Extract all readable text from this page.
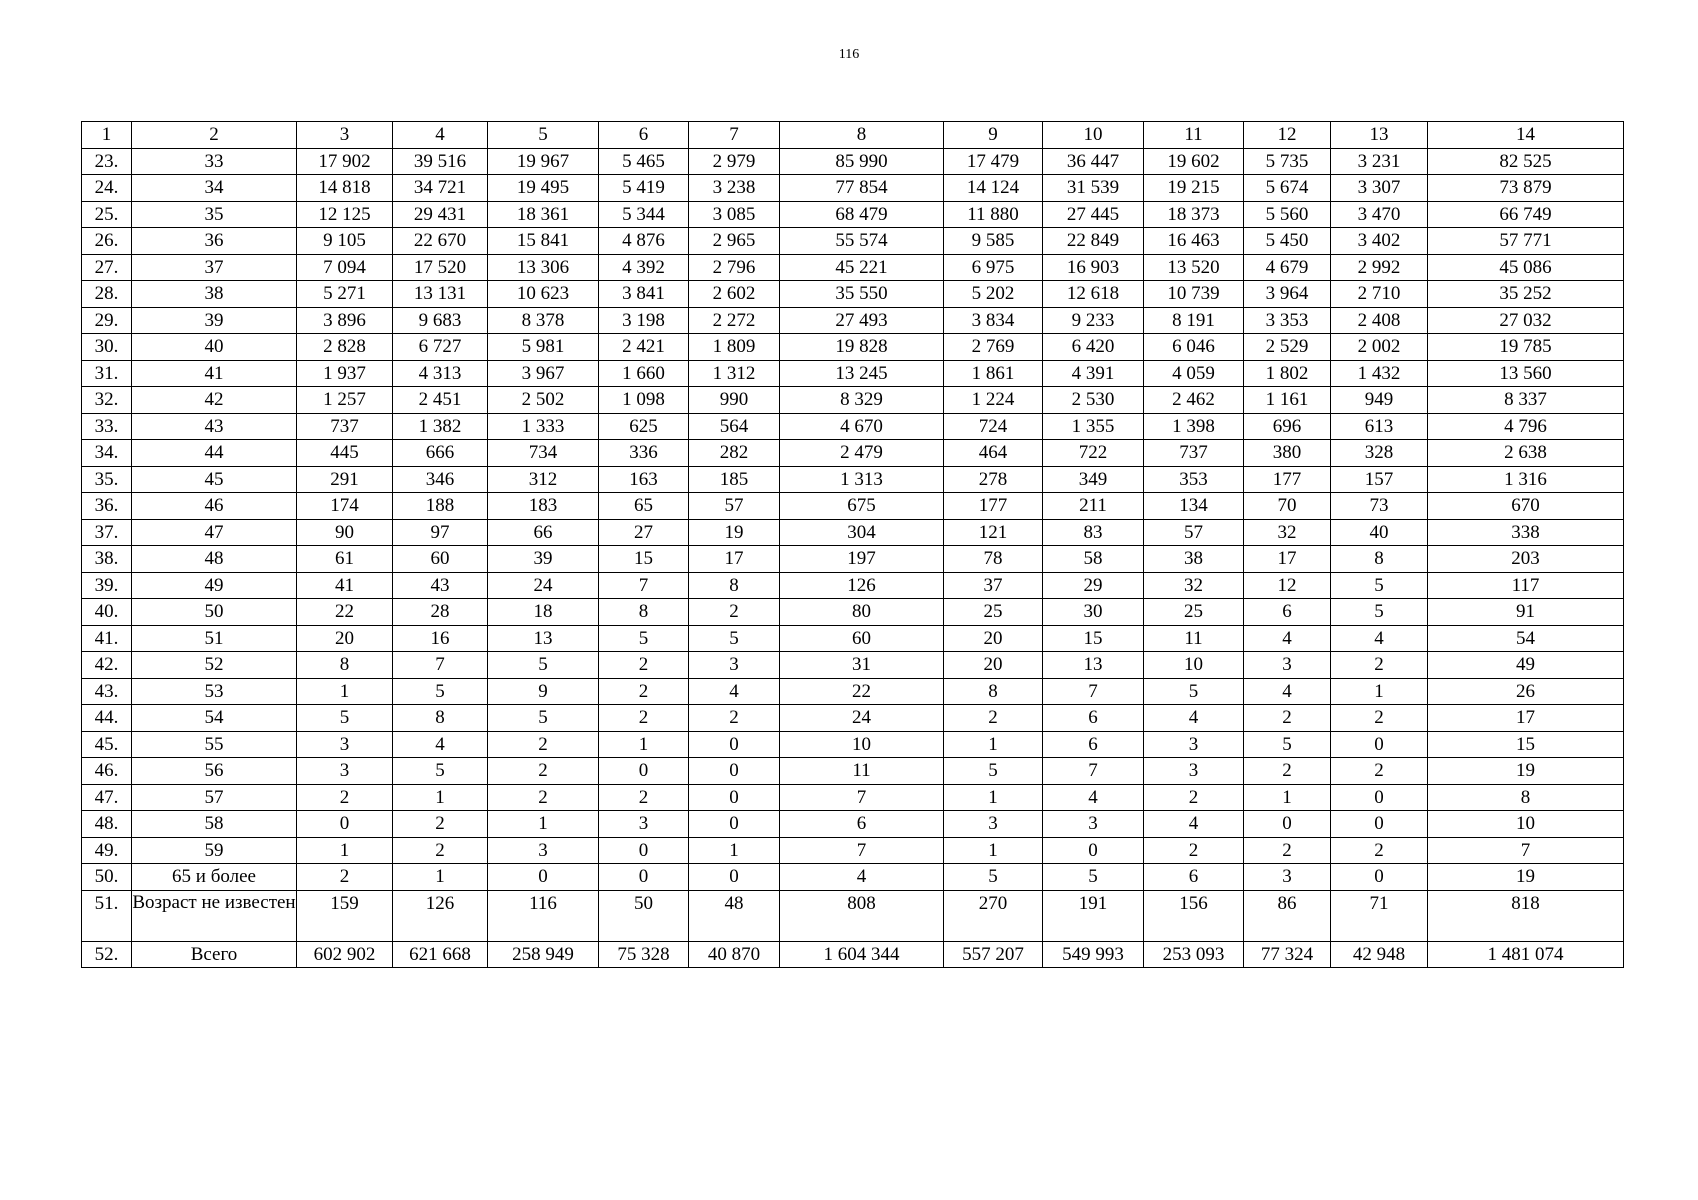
116
1	2	3	4	5	6	7	8	9	10	11	12	13	14
23.	33	17 902	39 516	19 967	5 465	2 979	85 990	17 479	36 447	19 602	5 735	3 231	82 525
24.	34	14 818	34 721	19 495	5 419	3 238	77 854	14 124	31 539	19 215	5 674	3 307	73 879
25.	35	12 125	29 431	18 361	5 344	3 085	68 479	11 880	27 445	18 373	5 560	3 470	66 749
26.	36	9 105	22 670	15 841	4 876	2 965	55 574	9 585	22 849	16 463	5 450	3 402	57 771
27.	37	7 094	17 520	13 306	4 392	2 796	45 221	6 975	16 903	13 520	4 679	2 992	45 086
28.	38	5 271	13 131	10 623	3 841	2 602	35 550	5 202	12 618	10 739	3 964	2 710	35 252
29.	39	3 896	9 683	8 378	3 198	2 272	27 493	3 834	9 233	8 191	3 353	2 408	27 032
30.	40	2 828	6 727	5 981	2 421	1 809	19 828	2 769	6 420	6 046	2 529	2 002	19 785
31.	41	1 937	4 313	3 967	1 660	1 312	13 245	1 861	4 391	4 059	1 802	1 432	13 560
32.	42	1 257	2 451	2 502	1 098	990	8 329	1 224	2 530	2 462	1 161	949	8 337
33.	43	737	1 382	1 333	625	564	4 670	724	1 355	1 398	696	613	4 796
34.	44	445	666	734	336	282	2 479	464	722	737	380	328	2 638
35.	45	291	346	312	163	185	1 313	278	349	353	177	157	1 316
36.	46	174	188	183	65	57	675	177	211	134	70	73	670
37.	47	90	97	66	27	19	304	121	83	57	32	40	338
38.	48	61	60	39	15	17	197	78	58	38	17	8	203
39.	49	41	43	24	7	8	126	37	29	32	12	5	117
40.	50	22	28	18	8	2	80	25	30	25	6	5	91
41.	51	20	16	13	5	5	60	20	15	11	4	4	54
42.	52	8	7	5	2	3	31	20	13	10	3	2	49
43.	53	1	5	9	2	4	22	8	7	5	4	1	26
44.	54	5	8	5	2	2	24	2	6	4	2	2	17
45.	55	3	4	2	1	0	10	1	6	3	5	0	15
46.	56	3	5	2	0	0	11	5	7	3	2	2	19
47.	57	2	1	2	2	0	7	1	4	2	1	0	8
48.	58	0	2	1	3	0	6	3	3	4	0	0	10
49.	59	1	2	3	0	1	7	1	0	2	2	2	7
50.	65 и более	2	1	0	0	0	4	5	5	6	3	0	19
51.	Возраст не известен	159	126	116	50	48	808	270	191	156	86	71	818
52.	Всего	602 902	621 668	258 949	75 328	40 870	1 604 344	557 207	549 993	253 093	77 324	42 948	1 481 074
